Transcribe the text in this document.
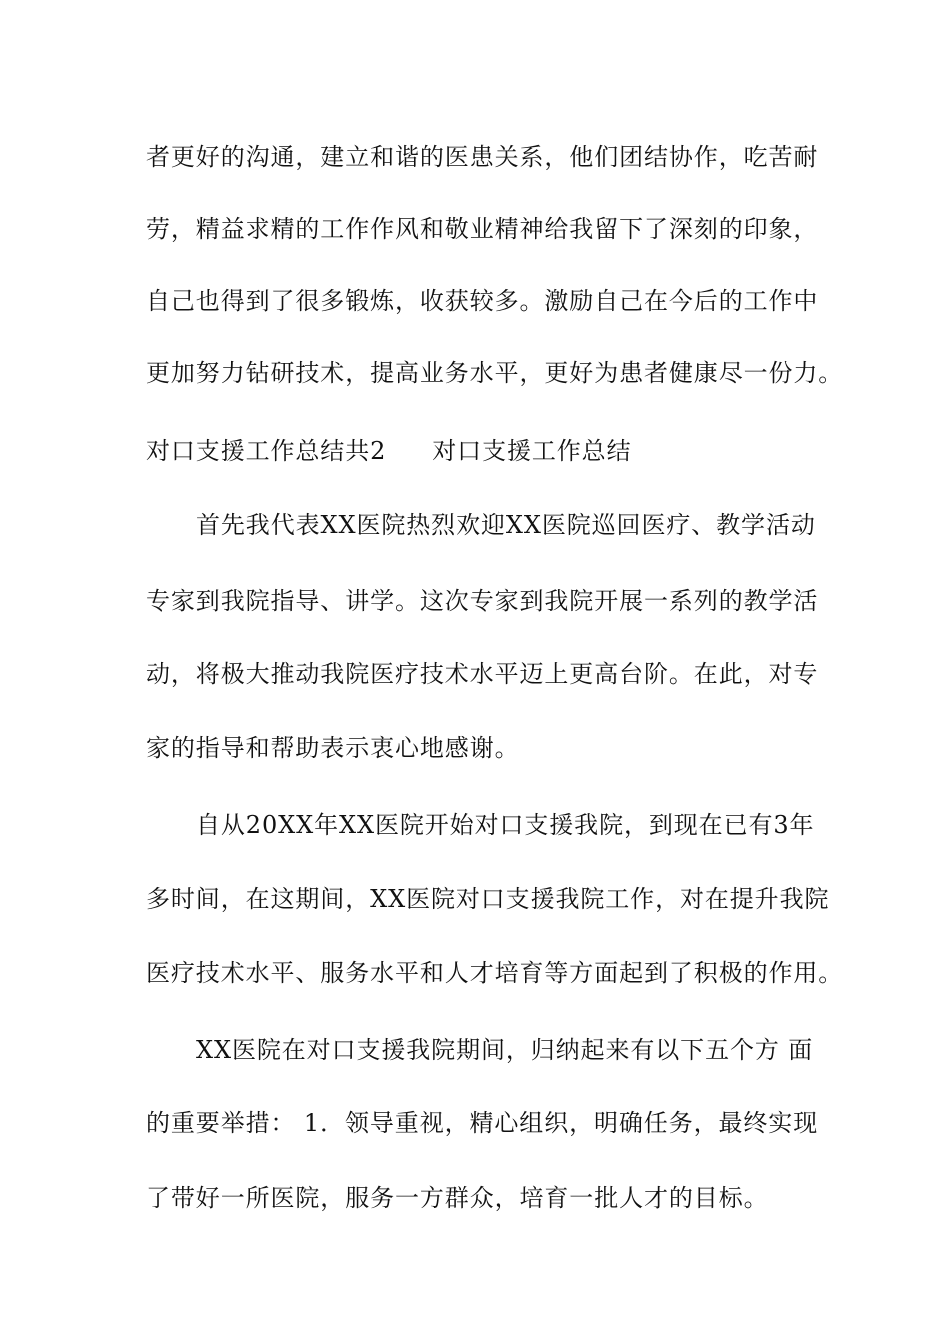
者更好的沟通，建立和谐的医患关系，他们团结协作，吃苦耐
劳，精益求精的工作作风和敬业精神给我留下了深刻的印象，
自己也得到了很多锻炼，收获较多。激励自己在今后的工作中
更加努力钻研技术，提高业务水平，更好为患者健康尽一份力。
对口支援工作总结共2 对口支援工作总结
首先我代表XX医院热烈欢迎XX医院巡回医疗、教学活动
专家到我院指导、讲学。这次专家到我院开展一系列的教学活
动，将极大推动我院医疗技术水平迈上更高台阶。在此，对专
家的指导和帮助表示衷心地感谢。
自从20XX年XX医院开始对口支援我院，到现在已有3年
多时间，在这期间，XX医院对口支援我院工作，对在提升我院
医疗技术水平、服务水平和人才培育等方面起到了积极的作用。
XX医院在对口支援我院期间，归纳起来有以下五个方 面
的重要举措： 1．领导重视，精心组织，明确任务，最终实现
了带好一所医院，服务一方群众，培育一批人才的目标。
